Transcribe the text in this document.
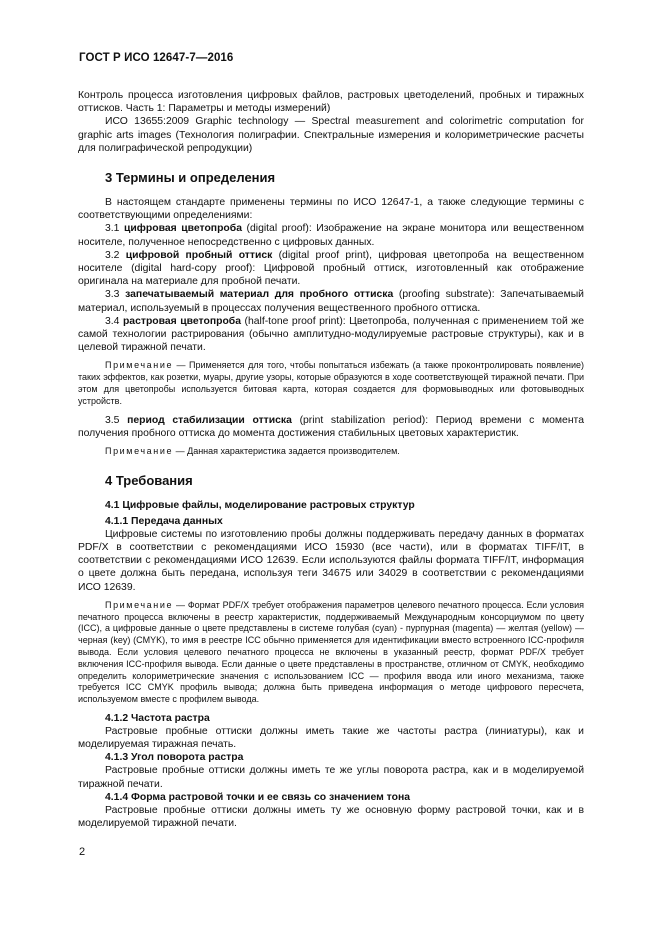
ГОСТ Р ИСО 12647-7—2016

Контроль процесса изготовления цифровых файлов, растровых цветоделений, пробных и тиражных оттисков. Часть 1: Параметры и методы измерений)

ИСО 13655:2009 Graphic technology — Spectral measurement and colorimetric computation for graphic arts images (Технология полиграфии. Спектральные измерения и колориметрические расчеты для полиграфической репродукции)

3 Термины и определения

В настоящем стандарте применены термины по ИСО 12647-1, а также следующие термины с соответствующими определениями:

3.1 цифровая цветопроба (digital proof): Изображение на экране монитора или вещественном носителе, полученное непосредственно с цифровых данных.

3.2 цифровой пробный оттиск (digital proof print), цифровая цветопроба на вещественном носителе (digital hard-copy proof): Цифровой пробный оттиск, изготовленный как отображение оригинала на материале для пробной печати.

3.3 запечатываемый материал для пробного оттиска (proofing substrate): Запечатываемый материал, используемый в процессах получения вещественного пробного оттиска.

3.4 растровая цветопроба (half-tone proof print): Цветопроба, полученная с применением той же самой технологии растрирования (обычно амплитудно-модулируемые растровые структуры), как и в целевой тиражной печати.

Примечание — Применяется для того, чтобы попытаться избежать (а также проконтролировать появление) таких эффектов, как розетки, муары, другие узоры, которые образуются в ходе соответствующей тиражной печати. При этом для цветопробы используется битовая карта, которая создается для формовыводных или фотовыводных устройств.

3.5 период стабилизации оттиска (print stabilization period): Период времени с момента получения пробного оттиска до момента достижения стабильных цветовых характеристик.

Примечание — Данная характеристика задается производителем.

4 Требования
4.1 Цифровые файлы, моделирование растровых структур
4.1.1 Передача данных

Цифровые системы по изготовлению пробы должны поддерживать передачу данных в форматах PDF/X в соответствии с рекомендациями ИСО 15930 (все части), или в форматах TIFF/IT, в соответствии с рекомендациями ИСО 12639. Если используются файлы формата TIFF/IT, информация о цвете должна быть передана, используя теги 34675 или 34029 в соответствии с рекомендациями ИСО 12639.

Примечание — Формат PDF/X требует отображения параметров целевого печатного процесса. Если условия печатного процесса включены в реестр характеристик, поддерживаемый Международным консорциумом по цвету (ICC), а цифровые данные о цвете представлены в системе голубая (cyan) - пурпурная (magenta) — желтая (yellow) — черная (key) (CMYK), то имя в реестре ICC обычно применяется для идентификации вместо встроенного ICC-профиля вывода. Если условия целевого печатного процесса не включены в указанный реестр, формат PDF/X требует включения ICC-профиля вывода. Если данные о цвете представлены в пространстве, отличном от CMYK, необходимо определить колориметрические значения с использованием ICC — профиля ввода или иного механизма, также требуется ICC CMYK профиль вывода; должна быть приведена информация о методе цифрового пересчета, используемом вместе с профилем вывода.

4.1.2 Частота растра

Растровые пробные оттиски должны иметь такие же частоты растра (линиатуры), как и моделируемая тиражная печать.

4.1.3 Угол поворота растра

Растровые пробные оттиски должны иметь те же углы поворота растра, как и в моделируемой тиражной печати.

4.1.4 Форма растровой точки и ее связь со значением тона

Растровые пробные оттиски должны иметь ту же основную форму растровой точки, как и в моделируемой тиражной печати.

2
